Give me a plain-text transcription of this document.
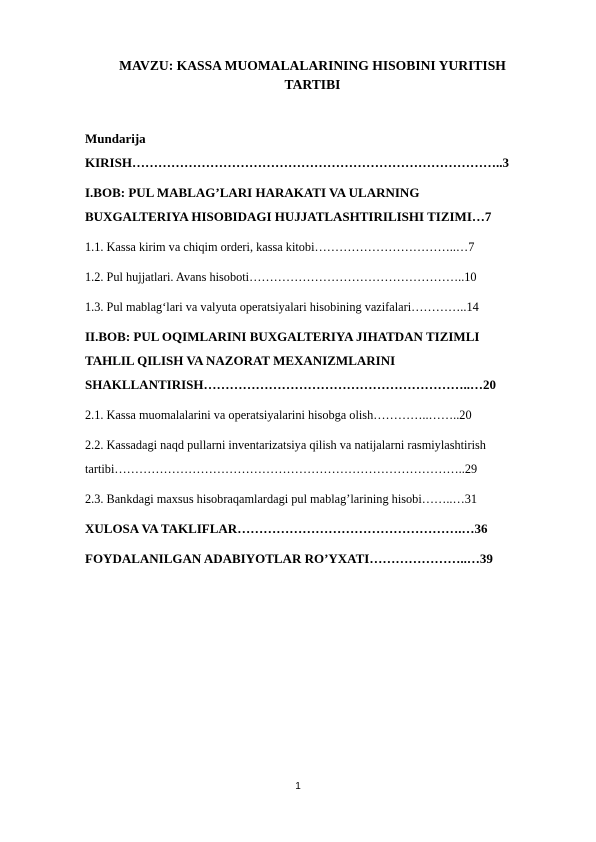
MAVZU: KASSA MUOMALALARINING HISOBINI YURITISH
TARTIBI

Mundarija

KIRISH…………………………………………………………………………..3

I.BOB: PUL MABLAG’LARI HARAKATI VA ULARNING

BUXGALTERIYA HISOBIDAGI HUJJATLASHTIRILISHI TIZIMI…7

1.1. Kassa kirim va chiqim orderi, kassa kitobi……………………………..…7

1.2. Pul hujjatlari. Avans hisoboti……………………………………………..10

1.3. Pul mablag‘lari va valyuta operatsiyalari hisobining vazifalari…………..14

II.BOB: PUL OQIMLARINI BUXGALTERIYA JIHATDAN TIZIMLI

TAHLIL QILISH VA NAZORAT MEXANIZMLARINI

SHAKLLANTIRISH……………………………………………………..…20

2.1. Kassa muomalalarini va operatsiyalarini hisobga olish…………..……..20

2.2. Kassadagi naqd pullarni inventarizatsiya qilish va natijalarni rasmiylashtirish

tartibi…………………………………………………………………………..29

2.3. Bankdagi maxsus hisobraqamlardagi pul mablag’larining hisobi……..…31

XULOSA VA TAKLIFLAR…………………………………………….…36

FOYDALANILGAN ADABIYOTLAR RO’YXATI…………………..…39

1
